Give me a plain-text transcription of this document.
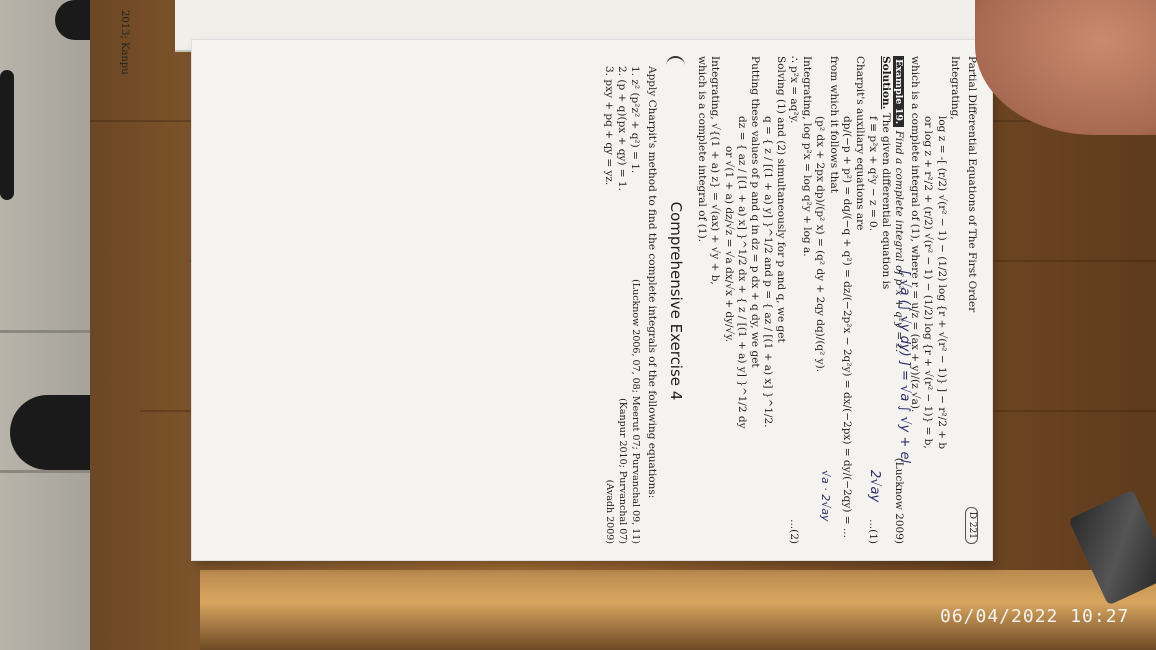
Partial Differential Equations of The First Order
D 221

Integrating,

log z = -[ (r/2) √(r² − 1) − (1/2) log {r + √(r² − 1)} ] − r²/2 + b

or log z + r²/2 + (r/2) √(r² − 1) − (1/2) log {r + √(r² − 1)} = b,

which is a complete integral of (1), where r = u/z = (ax + y)/(z √a).

Example 19. Find a complete integral of p²x + q²y = z.
(Lucknow 2009)
Solution. The given differential equation is
f ≡ p²x + q²y − z = 0.
...(1)

Charpit's auxiliary equations are

dp/(−p + p²) = dq/(−q + q²) = dz/(−2p²x − 2q²y) = dx/(−2px) = dy/(−2qy) = ...

from which it follows that

(p² dx + 2px dp)/(p² x) = (q² dy + 2qy dq)/(q² y).

Integrating, log p²x = log q²y + log a.

∴ p²x = aq²y.
...(2)

Solving (1) and (2) simultaneously for p and q, we get

q = { z / [(1 + a) y] }^1/2 and p = { az / [(1 + a) x] }^1/2.

Putting these values of p and q in dz = p dx + q dy, we get

dz = { az / [(1 + a) x] }^1/2 dx + { z / [(1 + a) y] }^1/2 dy

or √(1 + a) dz/√z = √a dx/√x + dy/√y.

Integrating, √{(1 + a) z} = √(ax) + √y + b,

which is a complete integral of (1).

Comprehensive Exercise 4

Apply Charpit's method to find the complete integrals of the following equations:

1. z² (p²z² + q²) = 1.
(Lucknow 2006, 07, 08; Meerut 07; Purvanchal 09, 11)
2. (p + q)(px + qy) = 1.
(Kanpur 2010; Purvanchal 07)
3. pxy + pq + qy = yz.
(Avadh 2009)
[ √a (∫ √y dy) ] = √a ∫ √y + el
2√ay
√a · 2√ay
2013; Kanpu
06/04/2022 10:27
